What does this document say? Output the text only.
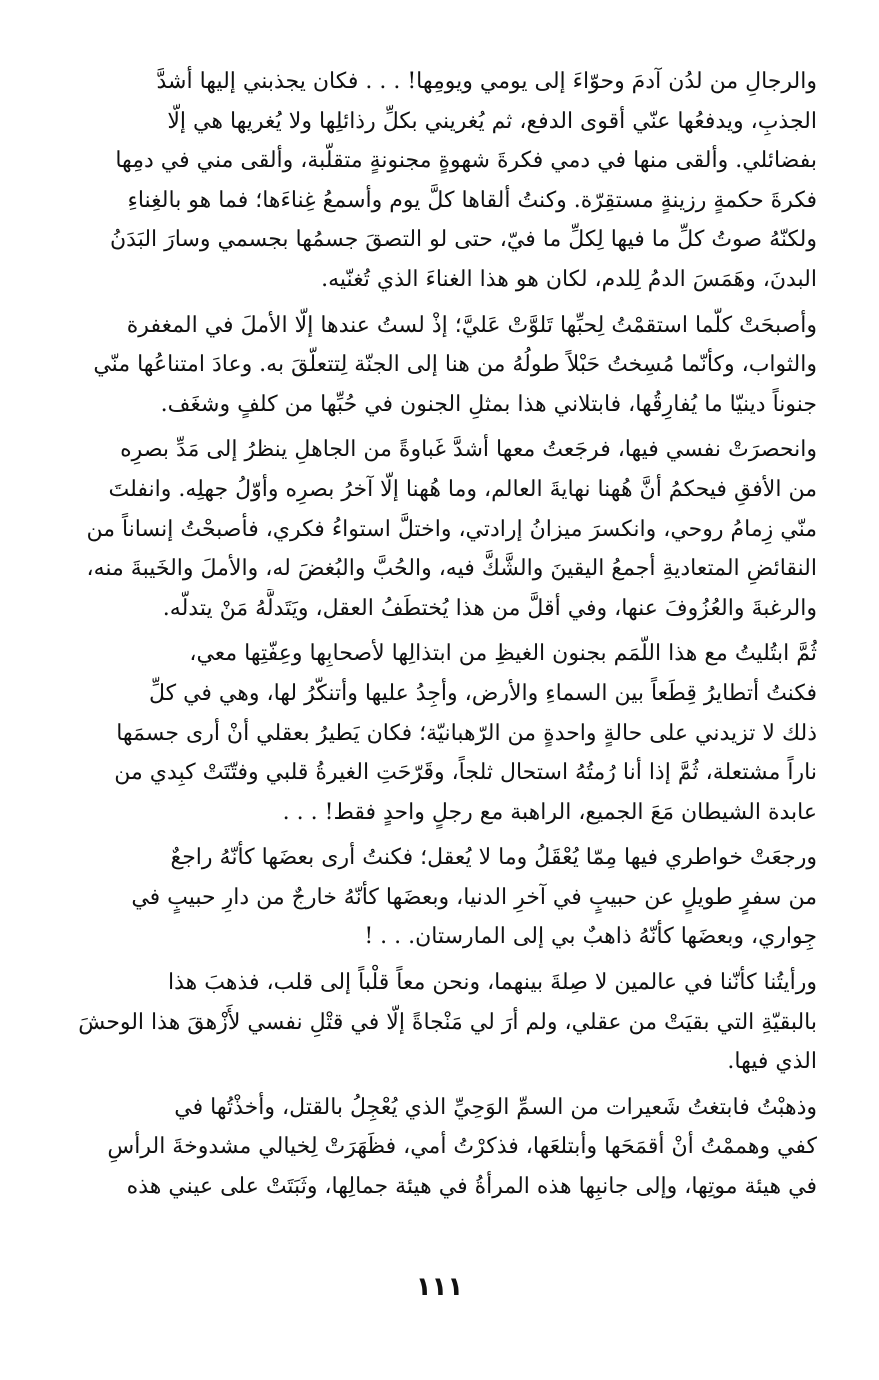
والرجالِ من لدُن آدمَ وحوّاءَ إلى يومي ويومِها! . . . فكان يجذبني إليها أشدَّ
الجذبِ، ويدفعُها عنّي أقوى الدفع، ثم يُغريني بكلِّ رذائلِها ولا يُغريها هي إلّا
بفضائلي. وألقى منها في دمي فكرةَ شهوةٍ مجنونةٍ متقلّبة، وألقى مني في دمِها
فكرةَ حكمةٍ رزينةٍ مستقِرّة. وكنتُ ألقاها كلَّ يوم وأسمعُ غِناءَها؛ فما هو بالغِناءِ
ولكنّهُ صوتُ كلِّ ما فيها لِكلِّ ما فيّ، حتى لو التصقَ جسمُها بجسمي وسارَ البَدَنُ
البدنَ، وهَمَسَ الدمُ لِلدم، لكان هو هذا الغناءَ الذي تُغنّيه.

وأصبحَتْ كلّما استقمْتُ لِحبِّها تَلوَّتْ عَليَّ؛ إذْ لستُ عندها إلّا الأملَ في المغفرة
والثواب، وكأنّما مُسِختُ حَبْلاً طولُهُ من هنا إلى الجنّة لِتتعلّقَ به. وعادَ امتناعُها منّي
جنوناً دينيّا ما يُفارِقُها، فابتلاني هذا بمثلِ الجنون في حُبِّها من كلفٍ وشغَف.

وانحصرَتْ نفسي فيها، فرجَعتُ معها أشدَّ غَباوةً من الجاهلِ ينظرُ إلى مَدِّ بصرِه
من الأفقِ فيحكمُ أنَّ هُهنا نهايةَ العالم، وما هُهنا إلّا آخرُ بصرِه وأوّلُ جهلِه. وانفلتَ
منّي زِمامُ روحي، وانكسرَ ميزانُ إرادتي، واختلَّ استواءُ فكري، فأصبحْتُ إنساناً من
النقائضِ المتعاديةِ أجمعُ اليقينَ والشَّكَّ فيه، والحُبَّ والبُغضَ له، والأملَ والخَيبةَ منه،
والرغبةَ والعُزُوفَ عنها، وفي أقلَّ من هذا يُختطَفُ العقل، ويَتَدلَّهُ مَنْ يتدلّه.

ثُمَّ ابتُليتُ مع هذا اللّمَم بجنون الغيظِ من ابتذالِها لأصحابِها وعِفّتِها معي،
فكنتُ أتطايرُ قِطَعاً بين السماءِ والأرض، وأجِدُ عليها وأتنكّرُ لها، وهي في كلِّ
ذلك لا تزيدني على حالةٍ واحدةٍ من الرّهبانيّة؛ فكان يَطيرُ بعقلي أنْ أرى جسمَها
ناراً مشتعلة، ثُمَّ إذا أنا رُمتُهُ استحال ثلجاً، وقَرّحَتِ الغيرةُ قلبي وفتّتَتْ كبِدي من
عابدة الشيطان مَعَ الجميع، الراهبة مع رجلٍ واحدٍ فقط! . . .

ورجعَتْ خواطري فيها مِمّا يُعْقَلُ وما لا يُعقل؛ فكنتُ أرى بعضَها كأنّهُ راجعٌ
من سفرٍ طويلٍ عن حبيبٍ في آخرِ الدنيا، وبعضَها كأنّهُ خارجٌ من دارِ حبيبٍ في
جِواري، وبعضَها كأنّهُ ذاهبٌ بي إلى المارستان. . . !

ورأيتُنا كأنّنا في عالمين لا صِلةَ بينهما، ونحن معاً قلْباً إلى قلب، فذهبَ هذا
بالبقيّةِ التي بقيَتْ من عقلي، ولم أرَ لي مَنْجاةً إلّا في قتْلِ نفسي لأَزْهقَ هذا الوحشَ
الذي فيها.

وذهبْتُ فابتغتُ شَعيرات من السمِّ الوَحِيِّ الذي يُعْجِلُ بالقتل، وأخذْتُها في
كفي وهممْتُ أنْ أقمَحَها وأبتلعَها، فذكرْتُ أمي، فظَهَرَتْ لِخيالي مشدوخةَ الرأسِ
في هيئة موتِها، وإلى جانبِها هذه المرأةُ في هيئة جمالِها، وثَبَتَتْ على عيني هذه

١١١
